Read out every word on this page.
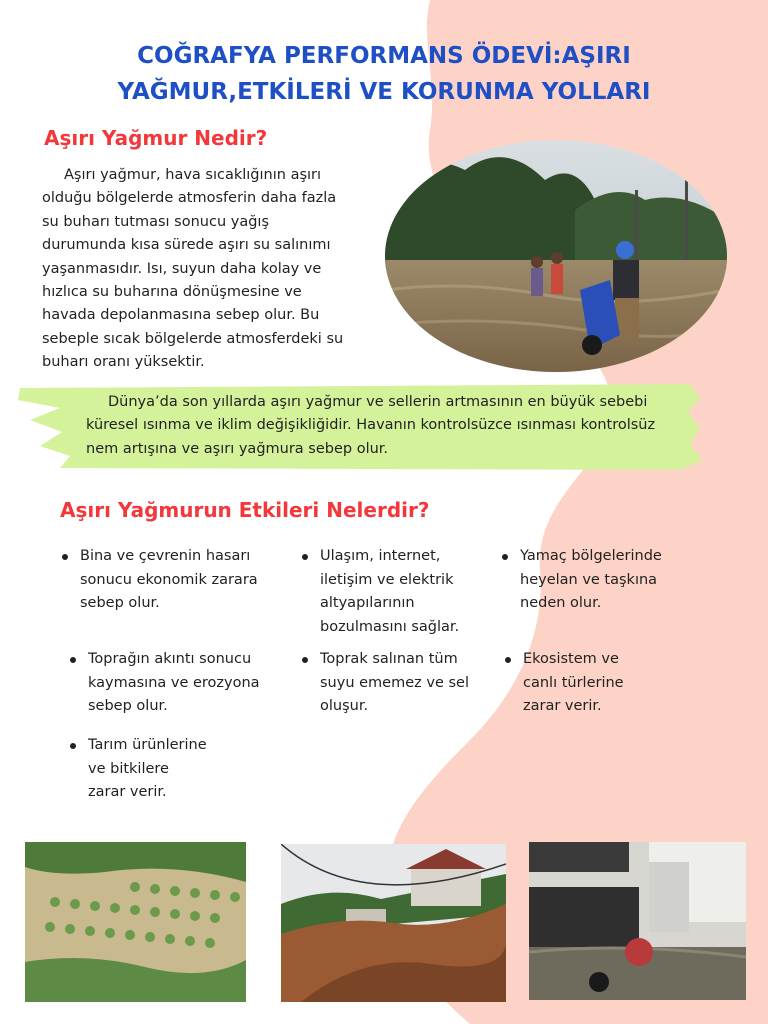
COĞRAFYA PERFORMANS ÖDEVİ:AŞIRI
YAĞMUR,ETKİLERİ VE KORUNMA YOLLARI
Aşırı Yağmur Nedir?

Aşırı yağmur, hava sıcaklığının aşırı olduğu bölgelerde atmosferin daha fazla su buharı tutması sonucu yağış durumunda kısa sürede aşırı su salınımı yaşanmasıdır. Isı, suyun daha kolay ve hızlıca su buharına dönüşmesine ve havada depolanmasına sebep olur. Bu sebeple sıcak bölgelerde atmosferdeki su buharı oranı yüksektir.

Dünya’da son yıllarda aşırı yağmur ve sellerin artmasının en büyük sebebi küresel ısınma ve iklim değişikliğidir. Havanın kontrolsüzce ısınması kontrolsüz nem artışına ve aşırı yağmura sebep olur.

Aşırı Yağmurun Etkileri Nelerdir?
Bina ve çevrenin hasarı sonucu ekonomik zarara sebep olur.
Ulaşım, internet, iletişim ve elektrik altyapılarının bozulmasını sağlar.
Yamaç bölgelerinde heyelan ve taşkına neden olur.
Toprağın akıntı sonucu kaymasına ve erozyona sebep olur.
Toprak salınan tüm suyu ememez ve sel oluşur.
Ekosistem ve canlı türlerine zarar verir.
Tarım ürünlerine ve bitkilere zarar verir.
